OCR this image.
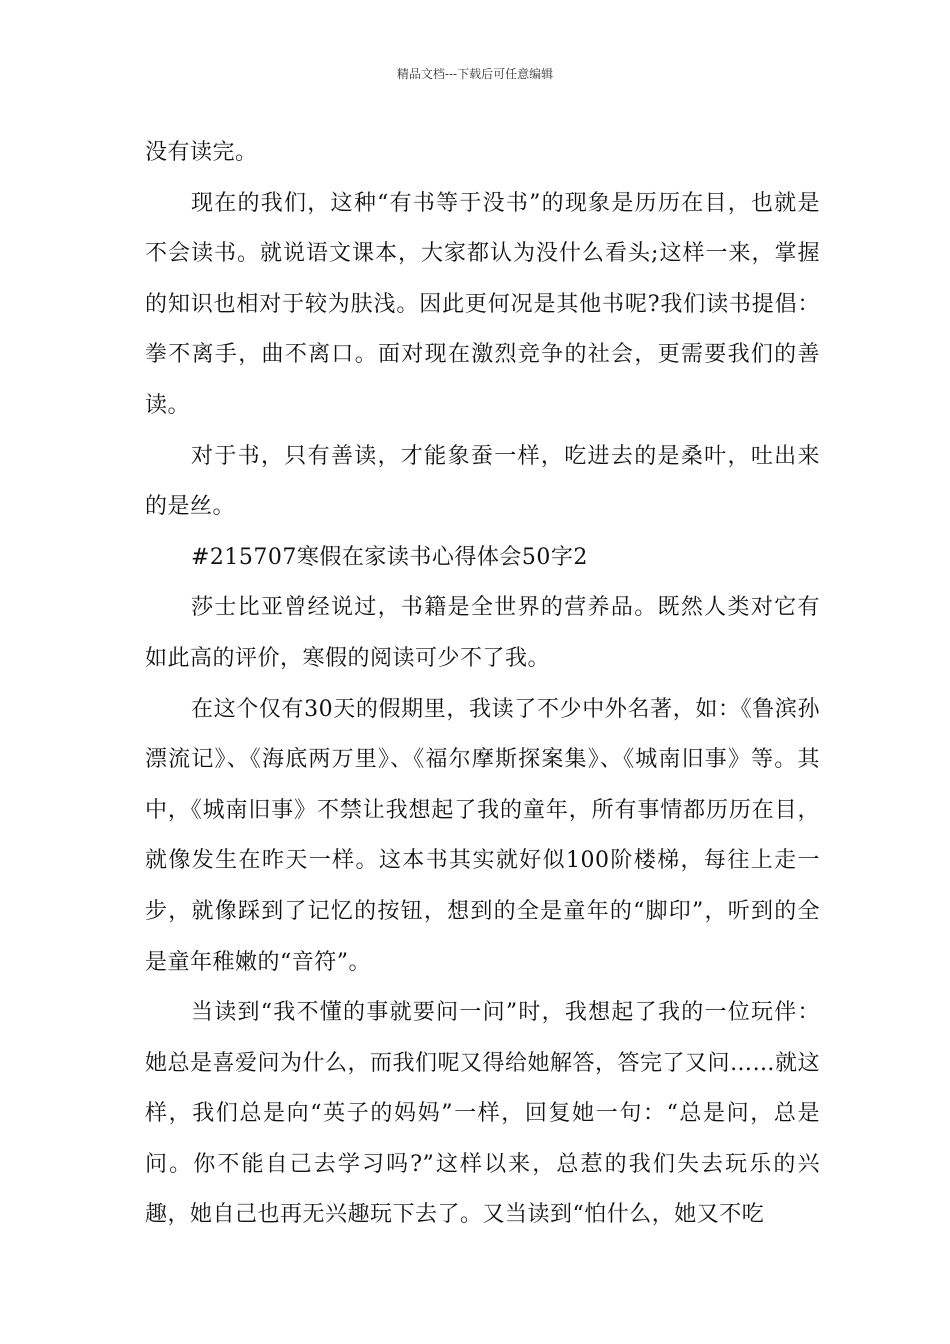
精品文档---下载后可任意编辑

没有读完。

现在的我们，这种“有书等于没书”的现象是历历在目，也就是不会读书。就说语文课本，大家都认为没什么看头;这样一来，掌握的知识也相对于较为肤浅。因此更何况是其他书呢?我们读书提倡：拳不离手，曲不离口。面对现在激烈竞争的社会，更需要我们的善读。

对于书，只有善读，才能象蚕一样，吃进去的是桑叶，吐出来的是丝。

#215707寒假在家读书心得体会50字2

莎士比亚曾经说过，书籍是全世界的营养品。既然人类对它有如此高的评价，寒假的阅读可少不了我。

在这个仅有30天的假期里，我读了不少中外名著，如：《鲁滨孙漂流记》、《海底两万里》、《福尔摩斯探案集》、《城南旧事》等。其中，《城南旧事》不禁让我想起了我的童年，所有事情都历历在目，就像发生在昨天一样。这本书其实就好似100阶楼梯，每往上走一步，就像踩到了记忆的按钮，想到的全是童年的“脚印”，听到的全是童年稚嫩的“音符”。

当读到“我不懂的事就要问一问”时，我想起了我的一位玩伴：她总是喜爱问为什么，而我们呢又得给她解答，答完了又问……就这样，我们总是向“英子的妈妈”一样，回复她一句：“总是问，总是问。你不能自己去学习吗?”这样以来，总惹的我们失去玩乐的兴趣，她自己也再无兴趣玩下去了。又当读到“怕什么，她又不吃
